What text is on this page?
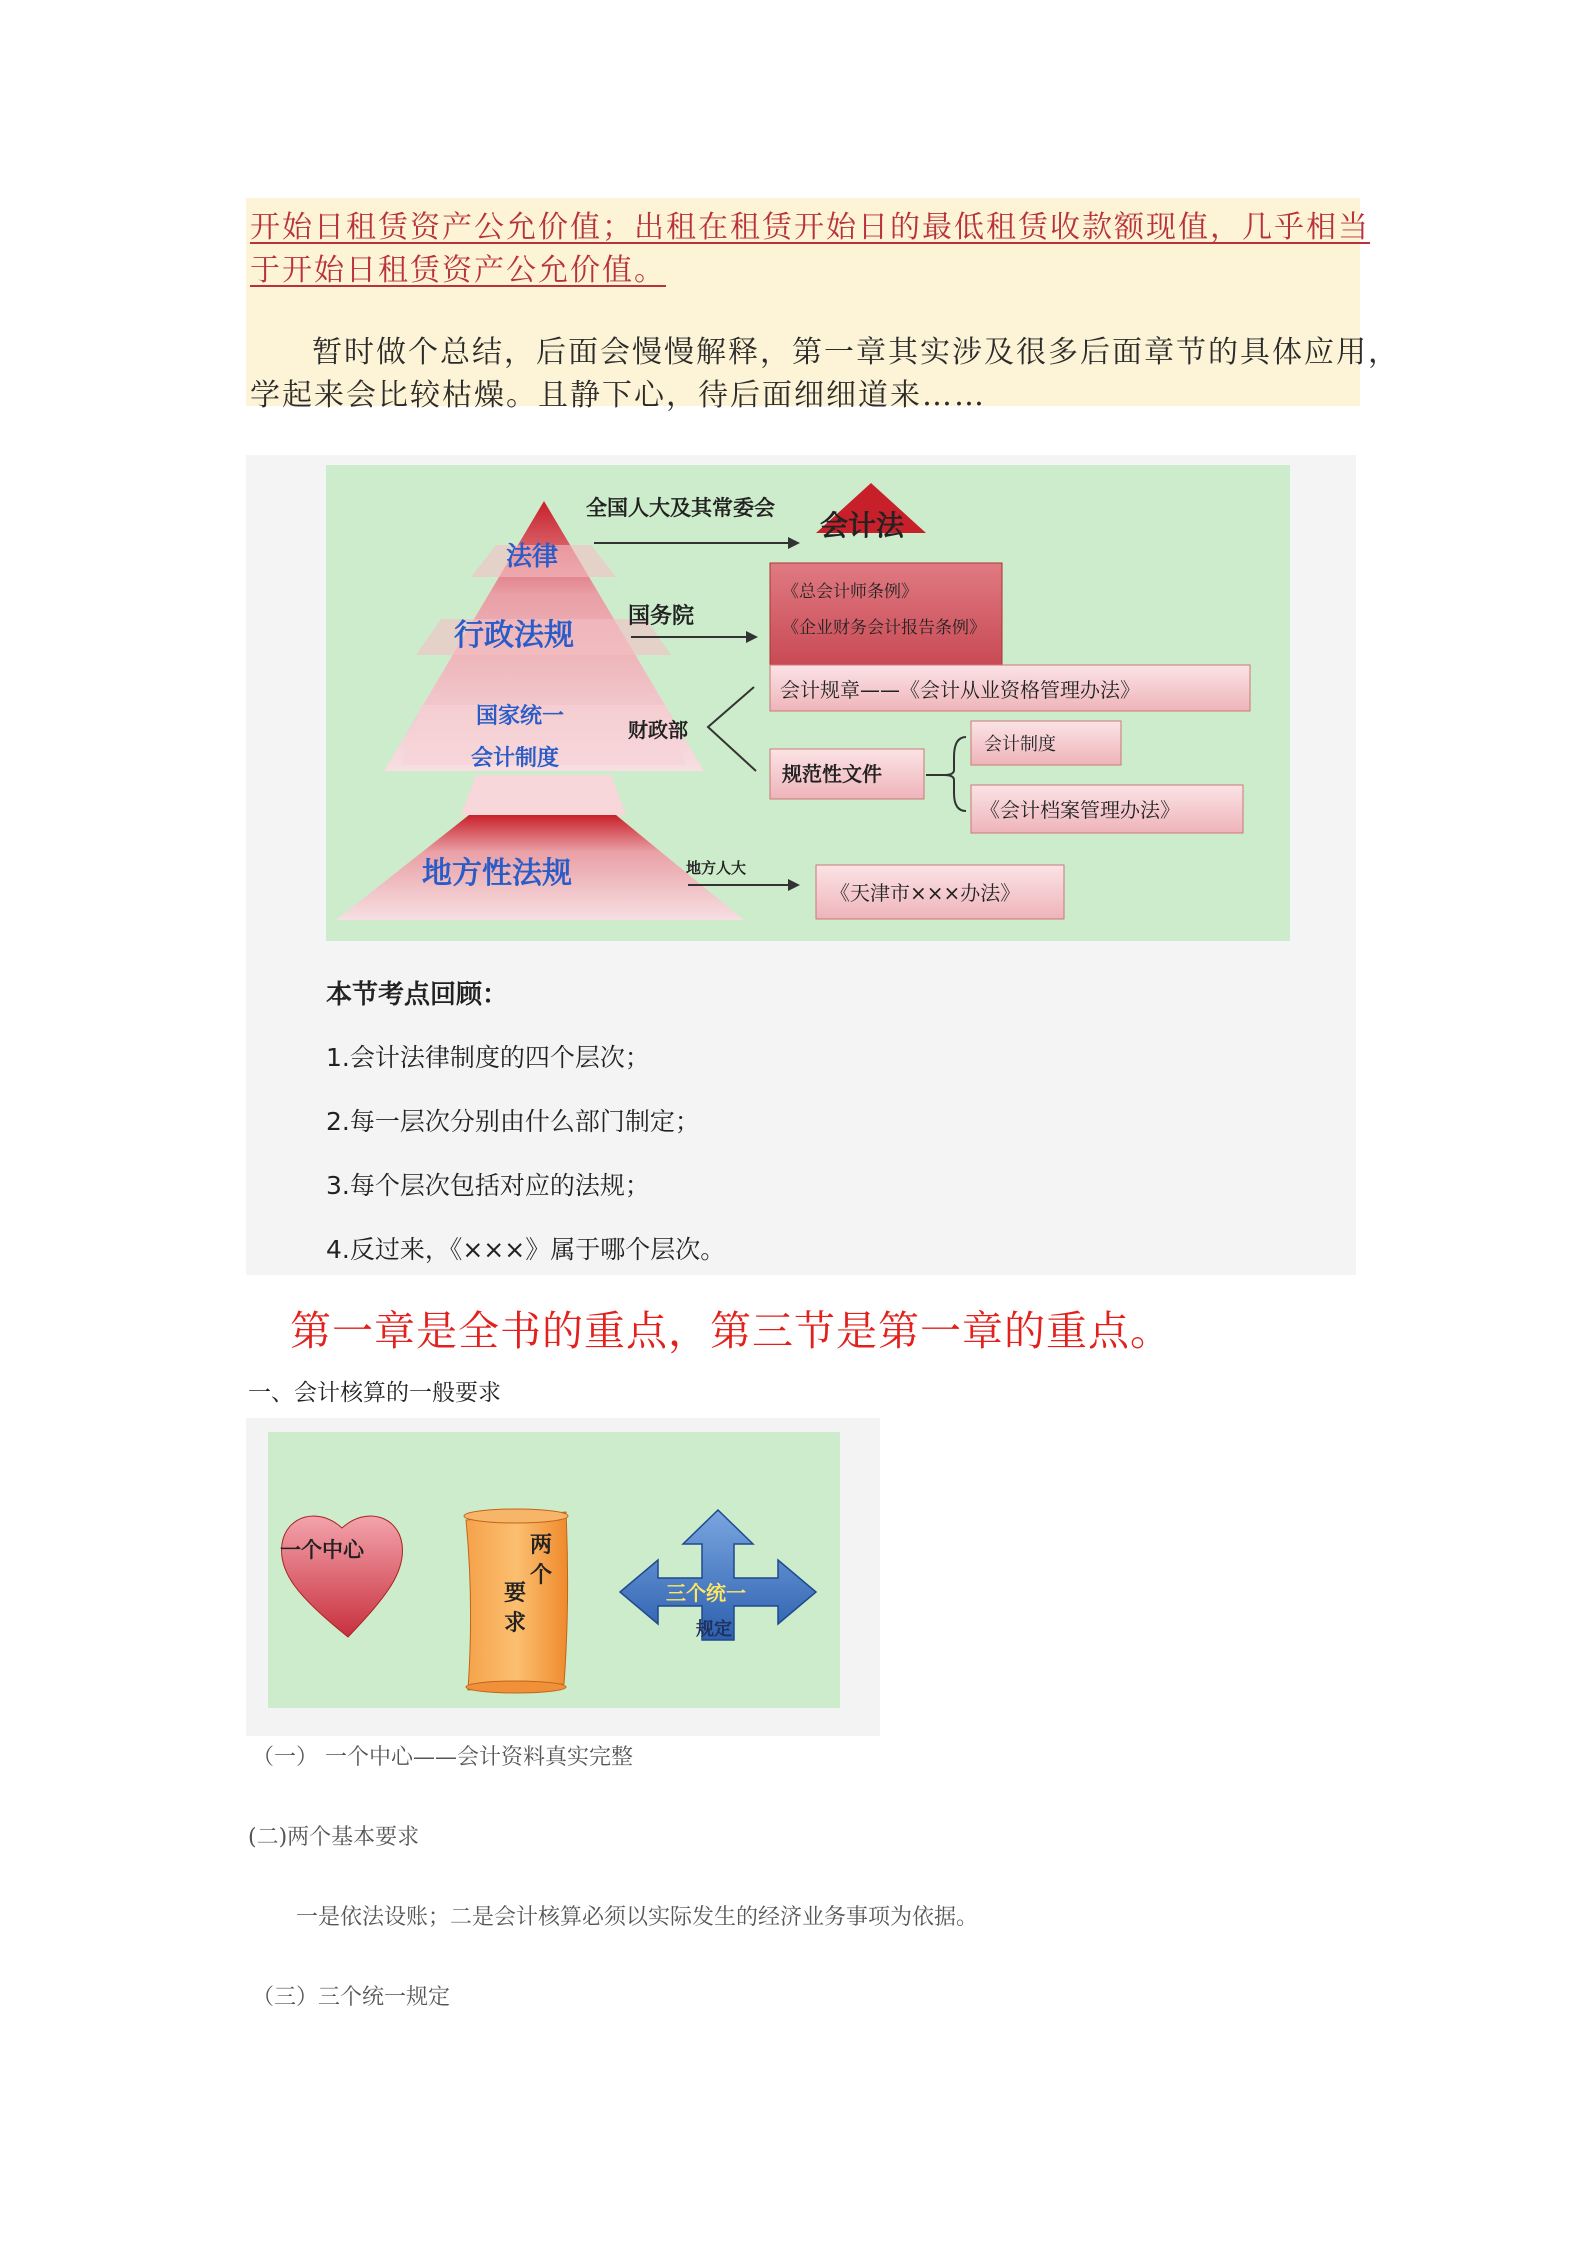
开始日租赁资产公允价值；出租在租赁开始日的最低租赁收款额现值，几乎相当
于开始日租赁资产公允价值。
暂时做个总结，后面会慢慢解释，第一章其实涉及很多后面章节的具体应用，
学起来会比较枯燥。且静下心，待后面细细道来……
法律
行政法规
国家统一
会计制度
地方性法规
全国人大及其常委会
会计法
国务院
《总会计师条例》
《企业财务会计报告条例》
财政部
会计规章——《会计从业资格管理办法》
规范性文件
会计制度
《会计档案管理办法》
地方人大
《天津市×××办法》
本节考点回顾：
1.会计法律制度的四个层次；
2.每一层次分别由什么部门制定；
3.每个层次包括对应的法规；
4.反过来，《×××》属于哪个层次。
第一章是全书的重点，第三节是第一章的重点。
一、会计核算的一般要求
一个中心	两个要求
三个统一
规定
（一） 一个中心——会计资料真实完整
(二)两个基本要求
一是依法设账；二是会计核算必须以实际发生的经济业务事项为依据。
（三）三个统一规定
